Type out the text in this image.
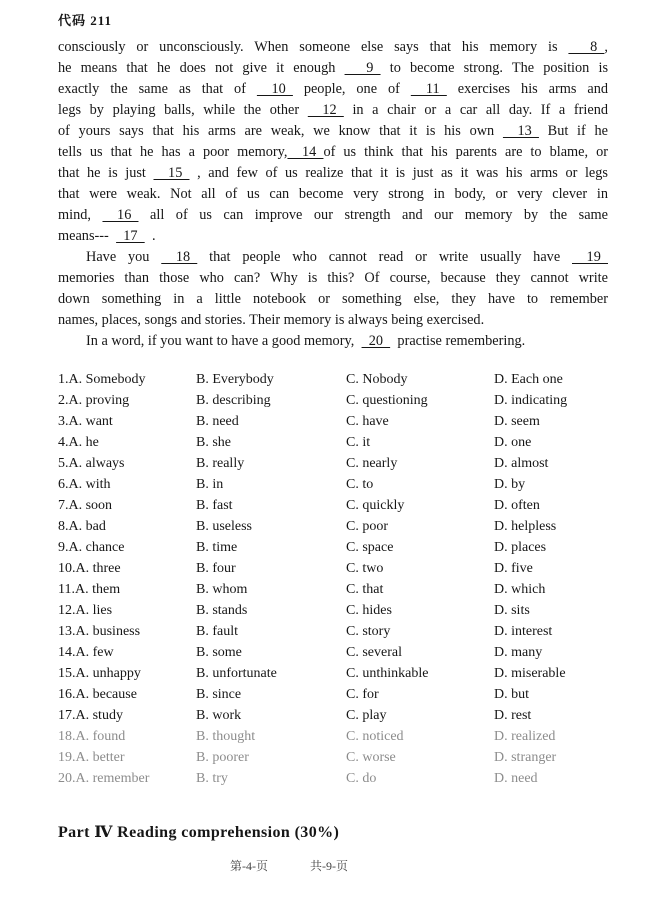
代码 211
consciously or unconsciously. When someone else says that his memory is   8  ,
he means that he does not give it enough   9   to become strong. The position is
exactly the same as that of   10   people, one of   11   exercises his arms and
legs by playing balls, while the other   12   in a chair or a car all day. If a friend
of yours says that his arms are weak, we know that it is his own   13   But if he
tells us that he has a poor memory,  14  of us think that his parents are to blame, or
that he is just   15   , and few of us realize that it is just as it was his arms or legs
that were weak. Not all of us can become very strong in body, or very clever in
mind,   16   all of us can improve our strength and our memory by the same
means---   17   .
Have you   18   that people who cannot read or write usually have   19
memories than those who can? Why is this? Of course, because they cannot write
down something in a little notebook or something else, they have to remember
names, places, songs and stories. Their memory is always being exercised.
In a word, if you want to have a good memory,   20   practise remembering.
1.A. Somebody	B. Everybody	C. Nobody	D. Each one
2.A. proving	B. describing	C. questioning	D. indicating
3.A. want	B. need	C. have	D. seem
4.A. he	B. she	C. it	D. one
5.A. always	B. really	C. nearly	D. almost
6.A. with	B. in	C. to	D. by
7.A. soon	B. fast	C. quickly	D. often
8.A. bad	B. useless	C. poor	D. helpless
9.A. chance	B. time	C. space	D. places
10.A. three	B. four	C. two	D. five
11.A. them	B. whom	C. that	D. which
12.A. lies	B. stands	C. hides	D. sits
13.A. business	B. fault	C. story	D. interest
14.A. few	B. some	C. several	D. many
15.A. unhappy	B. unfortunate	C. unthinkable	D. miserable
16.A. because	B. since	C. for	D. but
17.A. study	B. work	C. play	D. rest
18.A. found	B. thought	C. noticed	D. realized
19.A. better	B. poorer	C. worse	D. stranger
20.A. remember	B. try	C. do	D. need
Part Ⅳ Reading comprehension (30%)
第-4-页	共-9-页
